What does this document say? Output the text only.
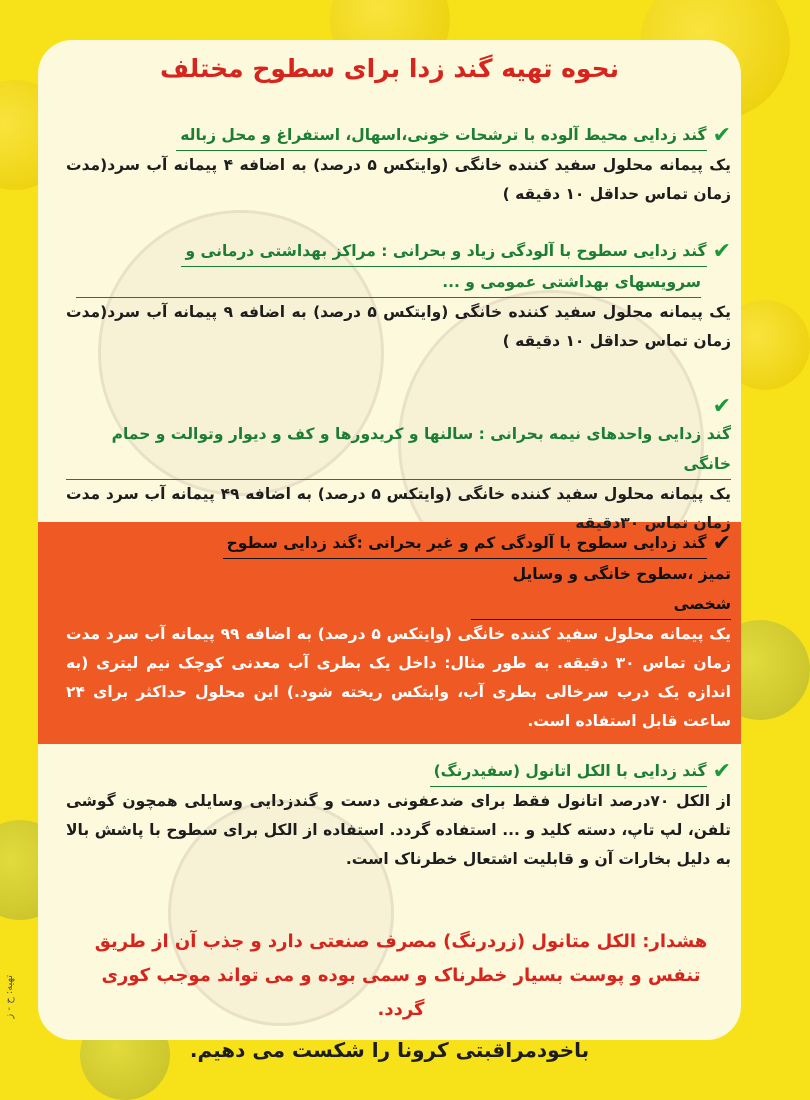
تهیه: ح - ز
نحوه تهیه گند زدا برای سطوح مختلف
✔گند زدایی محیط آلوده با ترشحات خونی،اسهال، استفراغ و محل زباله
یک پیمانه محلول سفید کننده خانگی (وایتکس ۵ درصد) به اضافه ۴ پیمانه آب سرد(مدت زمان تماس حداقل ۱۰ دقیقه )
✔گند زدایی سطوح با آلودگی زیاد و بحرانی : مراکز بهداشتی درمانی و
سرویسهای بهداشتی عمومی و ...
یک پیمانه محلول سفید کننده خانگی (وایتکس ۵ درصد) به اضافه ۹ پیمانه آب سرد(مدت زمان تماس حداقل ۱۰ دقیقه )
✔گند زدایی واحدهای نیمه بحرانی : سالنها و کریدورها و کف و دیوار وتوالت و حمام خانگی
یک پیمانه محلول سفید کننده خانگی (وایتکس ۵ درصد) به اضافه ۴۹ پیمانه آب سرد مدت زمان تماس ۳۰دقیقه
✔گند زدایی سطوح با آلودگی کم و غیر بحرانی :گند زدایی سطوح
تمیز ،سطوح خانگی و وسایل شخصی
یک پیمانه محلول سفید کننده خانگی (وایتکس ۵ درصد) به اضافه ۹۹ پیمانه آب سرد مدت زمان تماس ۳۰ دقیقه. به طور مثال: داخل یک بطری آب معدنی کوچک نیم لیتری (به اندازه یک درب سرخالی بطری آب، وایتکس ریخته شود.) این محلول حداکثر برای ۲۴ ساعت قابل استفاده است.
✔گند زدایی با الکل اتانول (سفیدرنگ)
از الکل ۷۰درصد اتانول فقط برای ضدعفونی دست و گندزدایی وسایلی همچون گوشی تلفن، لپ تاپ، دسته کلید و ... استفاده گردد. استفاده از الکل برای سطوح با پاشش بالا به دلیل بخارات آن و قابلیت اشتعال خطرناک است.
هشدار: الکل متانول (زردرنگ) مصرف صنعتی دارد و جذب آن از طریق تنفس و پوست بسیار خطرناک و سمی بوده و می تواند موجب کوری گردد.
باخودمراقبتی کرونا را شکست می دهیم.
